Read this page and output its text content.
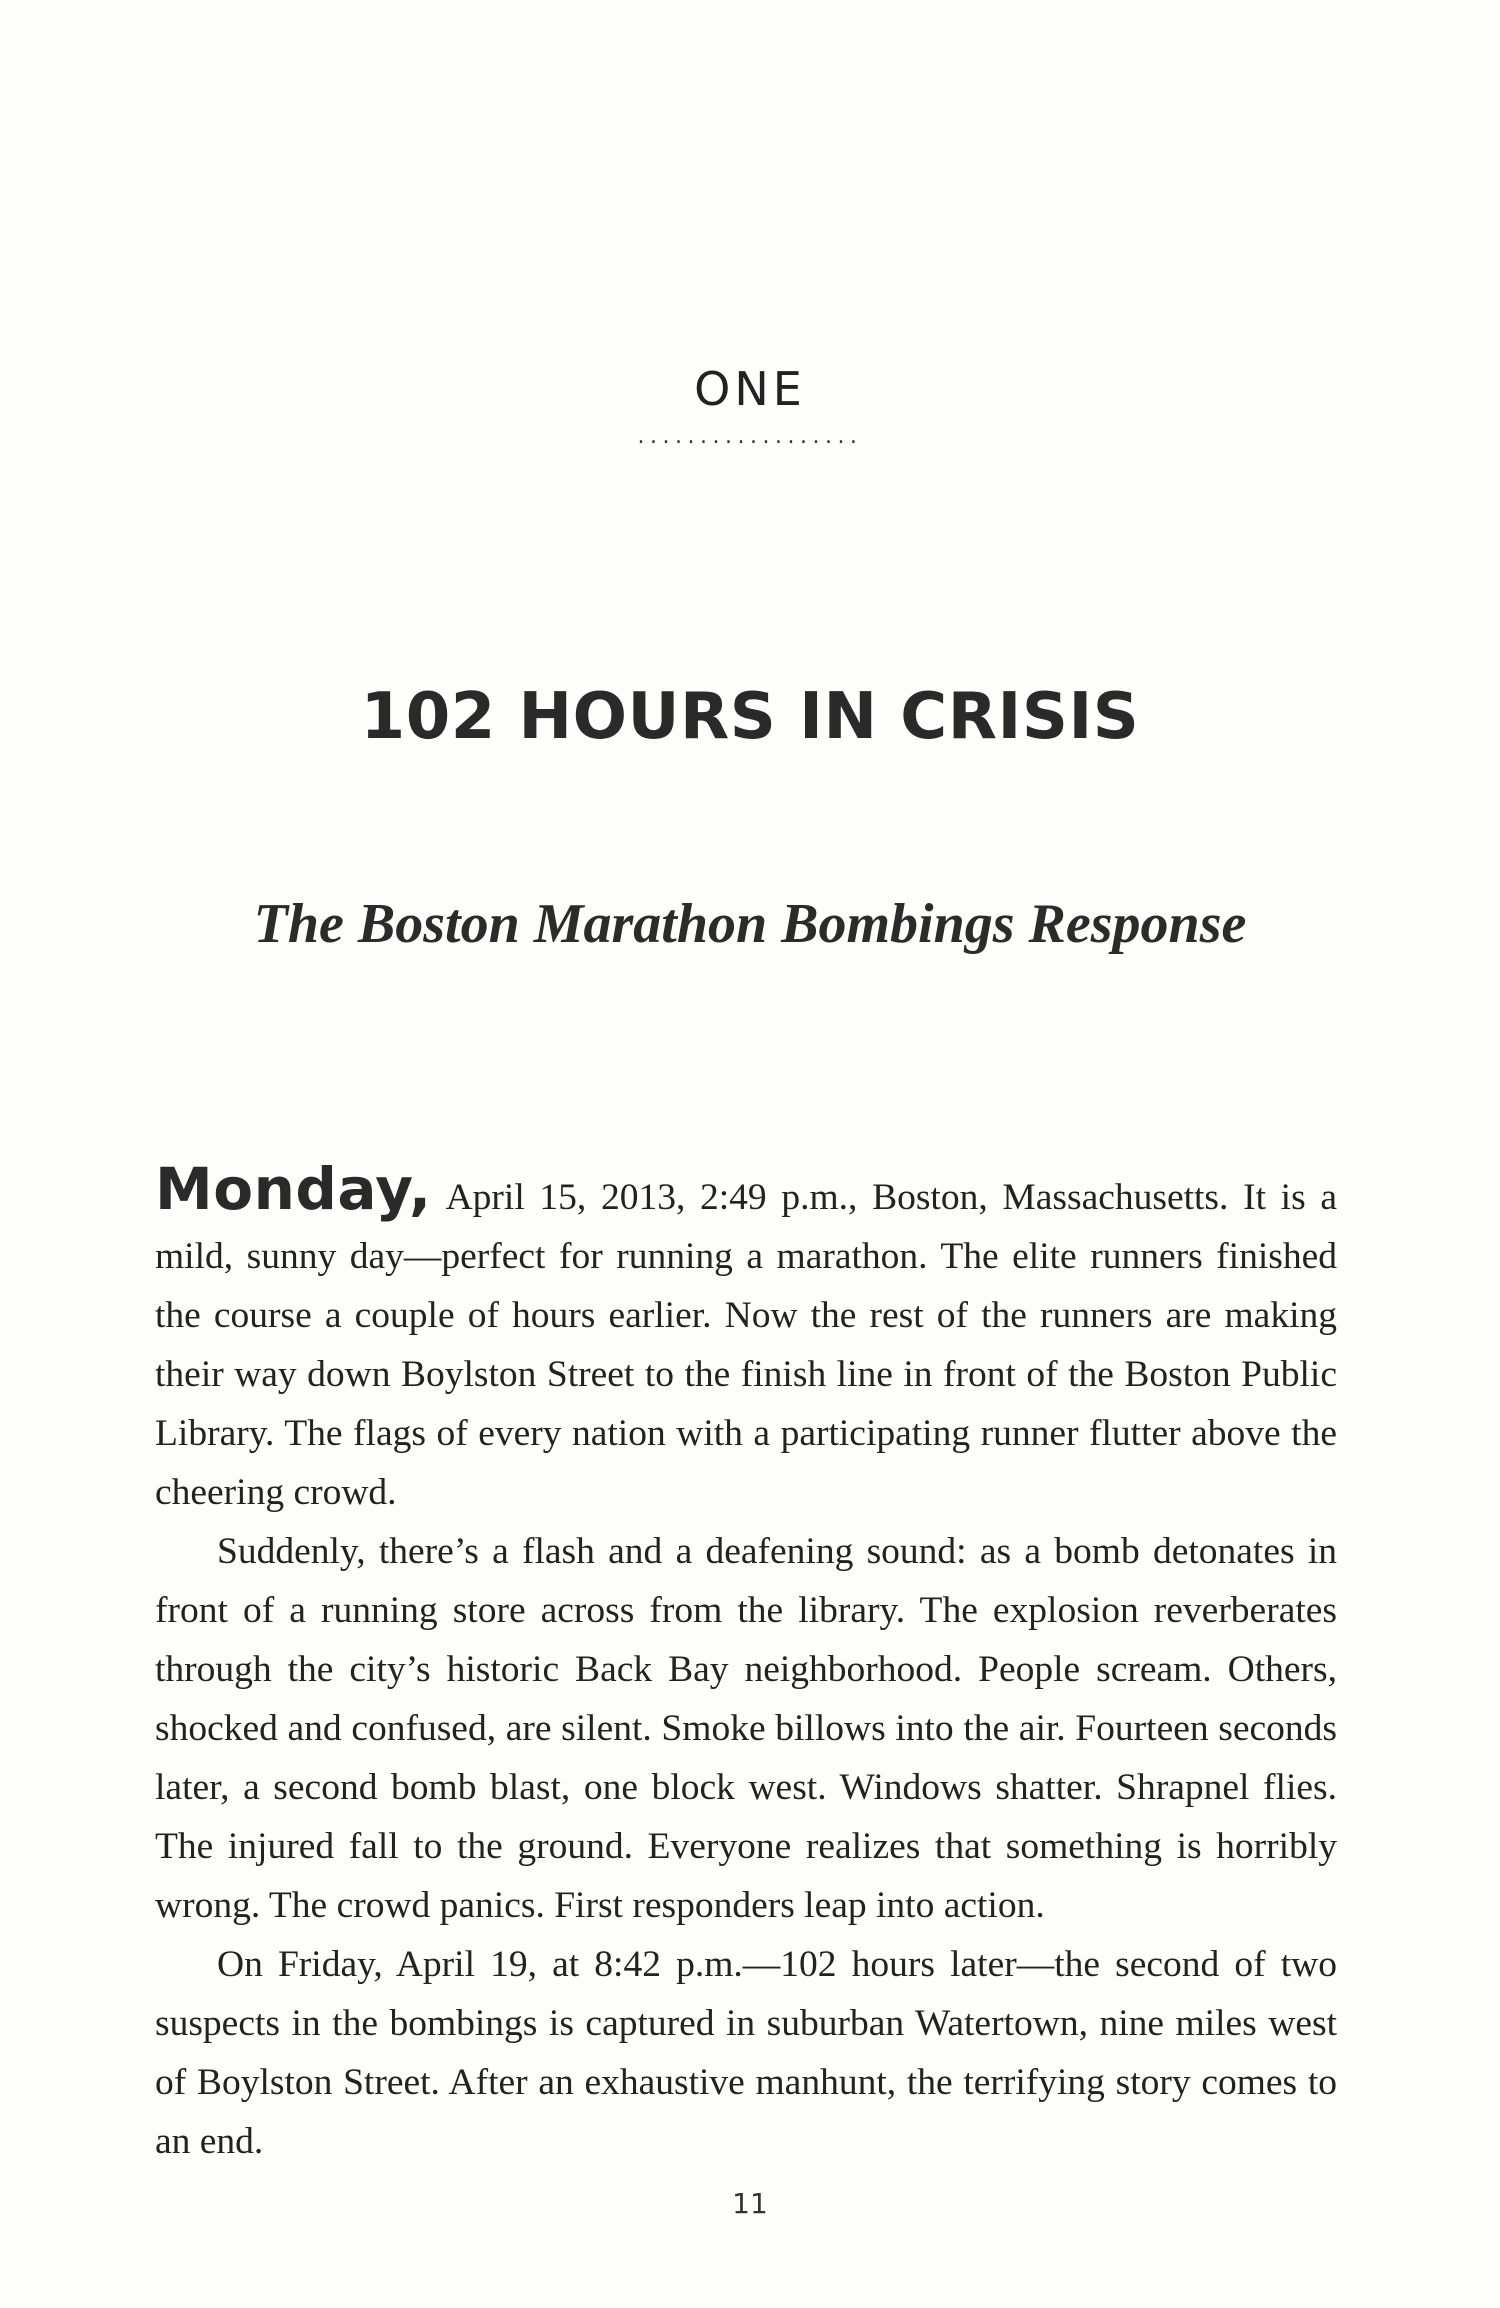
ONE
..................
102 HOURS IN CRISIS
The Boston Marathon Bombings Response

Monday, April 15, 2013, 2:49 p.m., Boston, Massachusetts. It is a mild, sunny day—perfect for running a marathon. The elite runners finished the course a couple of hours earlier. Now the rest of the runners are making their way down Boylston Street to the finish line in front of the Boston Public Library. The flags of every nation with a participating runner flutter above the cheering crowd.

Suddenly, there’s a flash and a deafening sound: as a bomb detonates in front of a running store across from the library. The explosion reverberates through the city’s historic Back Bay neighborhood. People scream. Others, shocked and confused, are silent. Smoke billows into the air. Fourteen seconds later, a second bomb blast, one block west. Windows shatter. Shrapnel flies. The injured fall to the ground. Everyone realizes that something is horribly wrong. The crowd panics. First responders leap into action.

On Friday, April 19, at 8:42 p.m.—102 hours later—the second of two suspects in the bombings is captured in suburban Watertown, nine miles west of Boylston Street. After an exhaustive manhunt, the terrifying story comes to an end.

11
